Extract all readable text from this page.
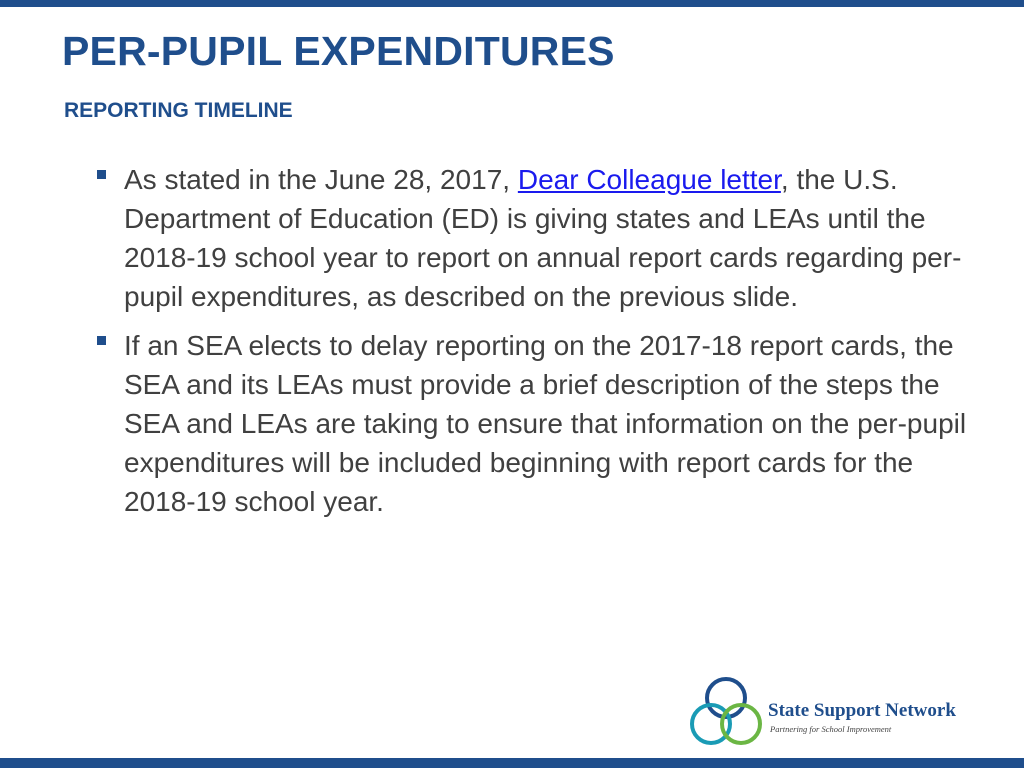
PER-PUPIL EXPENDITURES
REPORTING TIMELINE
As stated in the June 28, 2017, Dear Colleague letter, the U.S. Department of Education (ED) is giving states and LEAs until the 2018-19 school year to report on annual report cards regarding per-pupil expenditures, as described on the previous slide.
If an SEA elects to delay reporting on the 2017-18 report cards, the SEA and its LEAs must provide a brief description of the steps the SEA and LEAs are taking to ensure that information on the per-pupil expenditures will be included beginning with report cards for the 2018-19 school year.
State Support Network
Partnering for School Improvement
